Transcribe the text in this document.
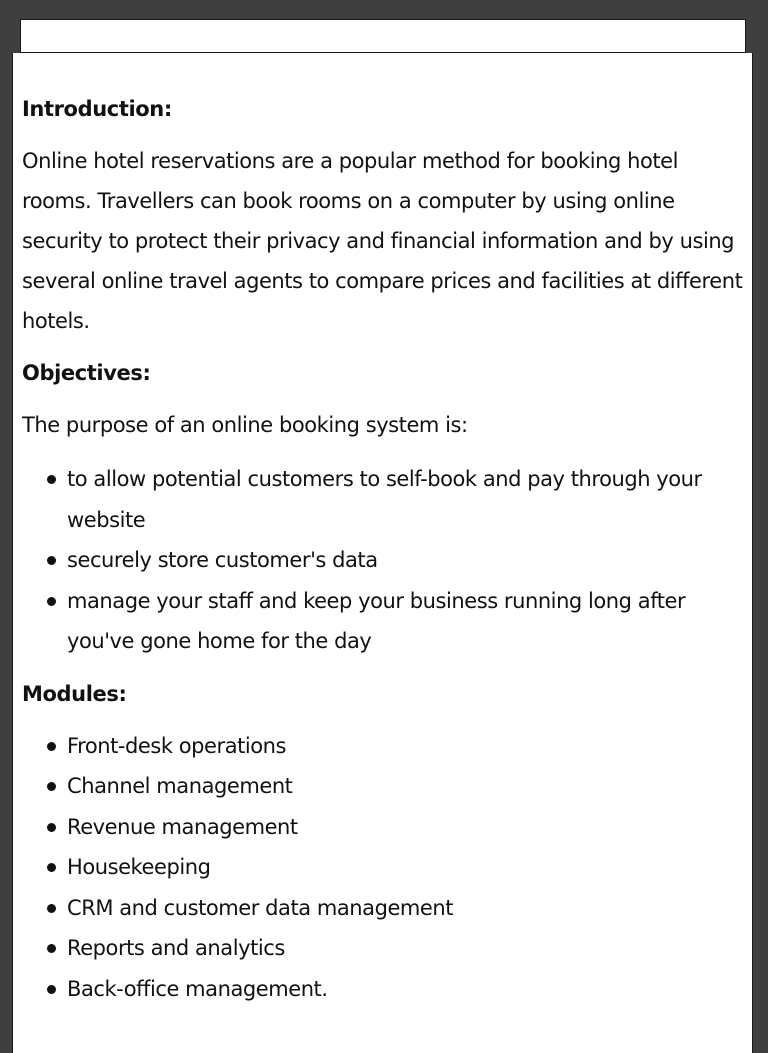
Introduction:
Online hotel reservations are a popular method for booking hotel rooms. Travellers can book rooms on a computer by using online security to protect their privacy and financial information and by using several online travel agents to compare prices and facilities at different hotels.
Objectives:
The purpose of an online booking system is:
to allow potential customers to self-book and pay through your website
securely store customer's data
manage your staff and keep your business running long after you've gone home for the day
Modules:
Front-desk operations
Channel management
Revenue management
Housekeeping
CRM and customer data management
Reports and analytics
Back-office management.
